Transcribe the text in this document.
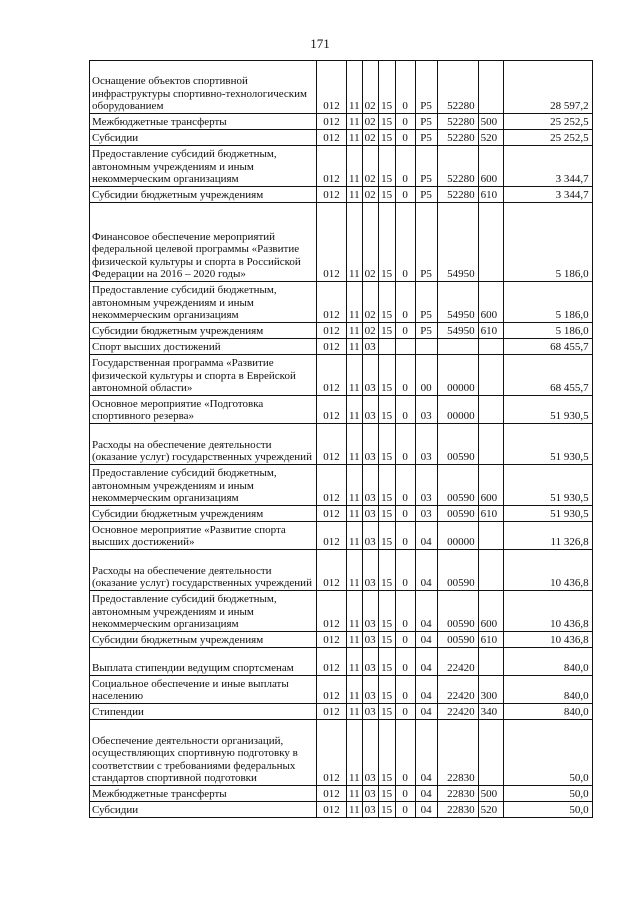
171
Оснащение объектов спортивной инфраструктуры спортивно-технологическим оборудованием	012	11	02	15	0	P5	52280		28 597,2
Межбюджетные трансферты	012	11	02	15	0	P5	52280	500	25 252,5
Субсидии	012	11	02	15	0	P5	52280	520	25 252,5
Предоставление субсидий бюджетным, автономным учреждениям и иным некоммерческим организациям	012	11	02	15	0	P5	52280	600	3 344,7
Субсидии бюджетным учреждениям	012	11	02	15	0	P5	52280	610	3 344,7
Финансовое обеспечение мероприятий федеральной целевой программы «Развитие физической культуры и спорта в Российской Федерации на 2016 – 2020 годы»	012	11	02	15	0	P5	54950		5 186,0
Предоставление субсидий бюджетным, автономным учреждениям и иным некоммерческим организациям	012	11	02	15	0	P5	54950	600	5 186,0
Субсидии бюджетным учреждениям	012	11	02	15	0	P5	54950	610	5 186,0
Спорт высших достижений	012	11	03						68 455,7
Государственная программа «Развитие физической культуры и спорта в Еврейской автономной области»	012	11	03	15	0	00	00000		68 455,7
Основное мероприятие «Подготовка спортивного резерва»	012	11	03	15	0	03	00000		51 930,5
Расходы на обеспечение деятельности (оказание услуг) государственных учреждений	012	11	03	15	0	03	00590		51 930,5
Предоставление субсидий бюджетным, автономным учреждениям и иным некоммерческим организациям	012	11	03	15	0	03	00590	600	51 930,5
Субсидии бюджетным учреждениям	012	11	03	15	0	03	00590	610	51 930,5
Основное мероприятие «Развитие спорта высших достижений»	012	11	03	15	0	04	00000		11 326,8
Расходы на обеспечение деятельности (оказание услуг) государственных учреждений	012	11	03	15	0	04	00590		10 436,8
Предоставление субсидий бюджетным, автономным учреждениям и иным некоммерческим организациям	012	11	03	15	0	04	00590	600	10 436,8
Субсидии бюджетным учреждениям	012	11	03	15	0	04	00590	610	10 436,8
Выплата стипендии ведущим спортсменам	012	11	03	15	0	04	22420		840,0
Социальное обеспечение и иные выплаты населению	012	11	03	15	0	04	22420	300	840,0
Стипендии	012	11	03	15	0	04	22420	340	840,0
Обеспечение деятельности организаций, осуществляющих спортивную подготовку в соответствии с требованиями федеральных стандартов спортивной подготовки	012	11	03	15	0	04	22830		50,0
Межбюджетные трансферты	012	11	03	15	0	04	22830	500	50,0
Субсидии	012	11	03	15	0	04	22830	520	50,0
